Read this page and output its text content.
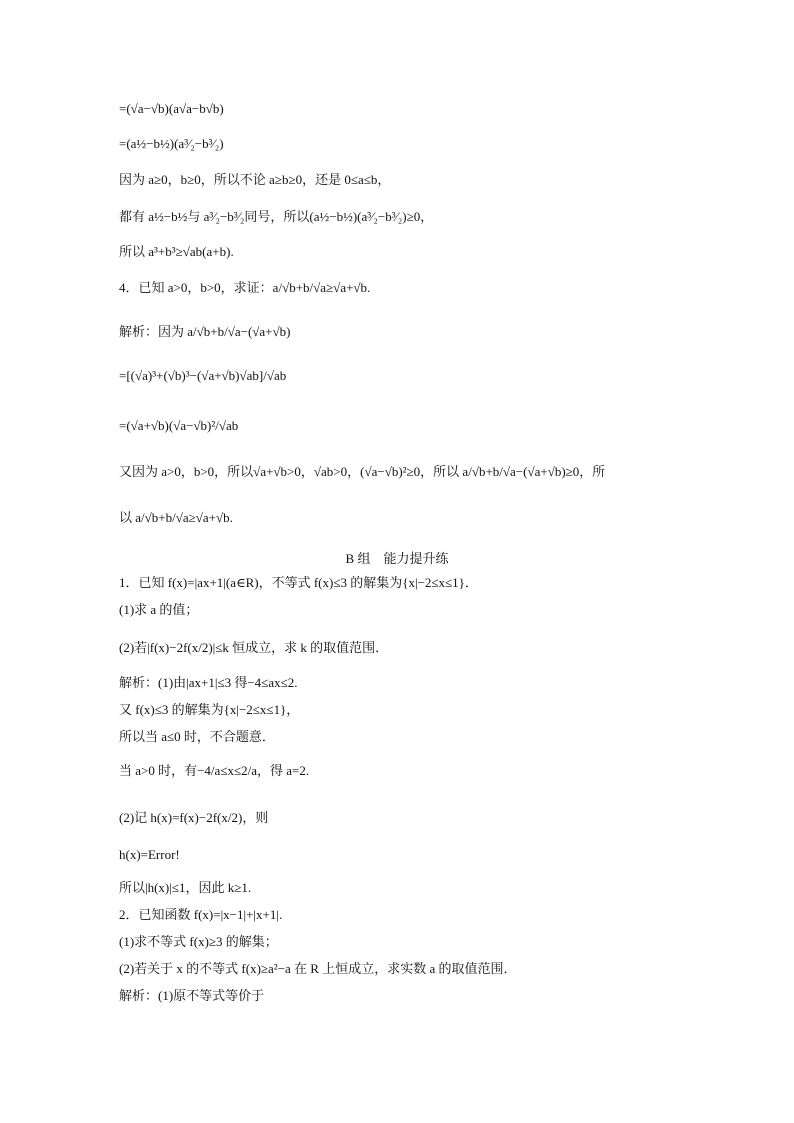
=(√a−√b)(a√a−b√b)
=(a½−b½)(a³⁄₂−b³⁄₂)
因为 a≥0，b≥0，所以不论 a≥b≥0，还是 0≤a≤b，
都有 a½−b½与 a³⁄₂−b³⁄₂同号，所以(a½−b½)(a³⁄₂−b³⁄₂)≥0，
所以 a³+b³≥√ab(a+b).
4．已知 a>0，b>0，求证：a/√b+b/√a≥√a+√b.
解析：因为 a/√b+b/√a−(√a+√b)
=[(√a)³+(√b)³−(√a+√b)√ab]/√ab
=(√a+√b)(√a−√b)²/√ab
又因为 a>0，b>0，所以√a+√b>0，√ab>0，(√a−√b)²≥0，所以 a/√b+b/√a−(√a+√b)≥0，所
以 a/√b+b/√a≥√a+√b.
B 组　能力提升练
1．已知 f(x)=|ax+1|(a∈R)，不等式 f(x)≤3 的解集为{x|−2≤x≤1}．
(1)求 a 的值；
(2)若|f(x)−2f(x/2)|≤k 恒成立，求 k 的取值范围．
解析：(1)由|ax+1|≤3 得−4≤ax≤2.
又 f(x)≤3 的解集为{x|−2≤x≤1}，
所以当 a≤0 时，不合题意．
当 a>0 时，有−4/a≤x≤2/a，得 a=2.
(2)记 h(x)=f(x)−2f(x/2)，则
h(x)=Error!
所以|h(x)|≤1，因此 k≥1.
2．已知函数 f(x)=|x−1|+|x+1|.
(1)求不等式 f(x)≥3 的解集；
(2)若关于 x 的不等式 f(x)≥a²−a 在 R 上恒成立，求实数 a 的取值范围．
解析：(1)原不等式等价于
